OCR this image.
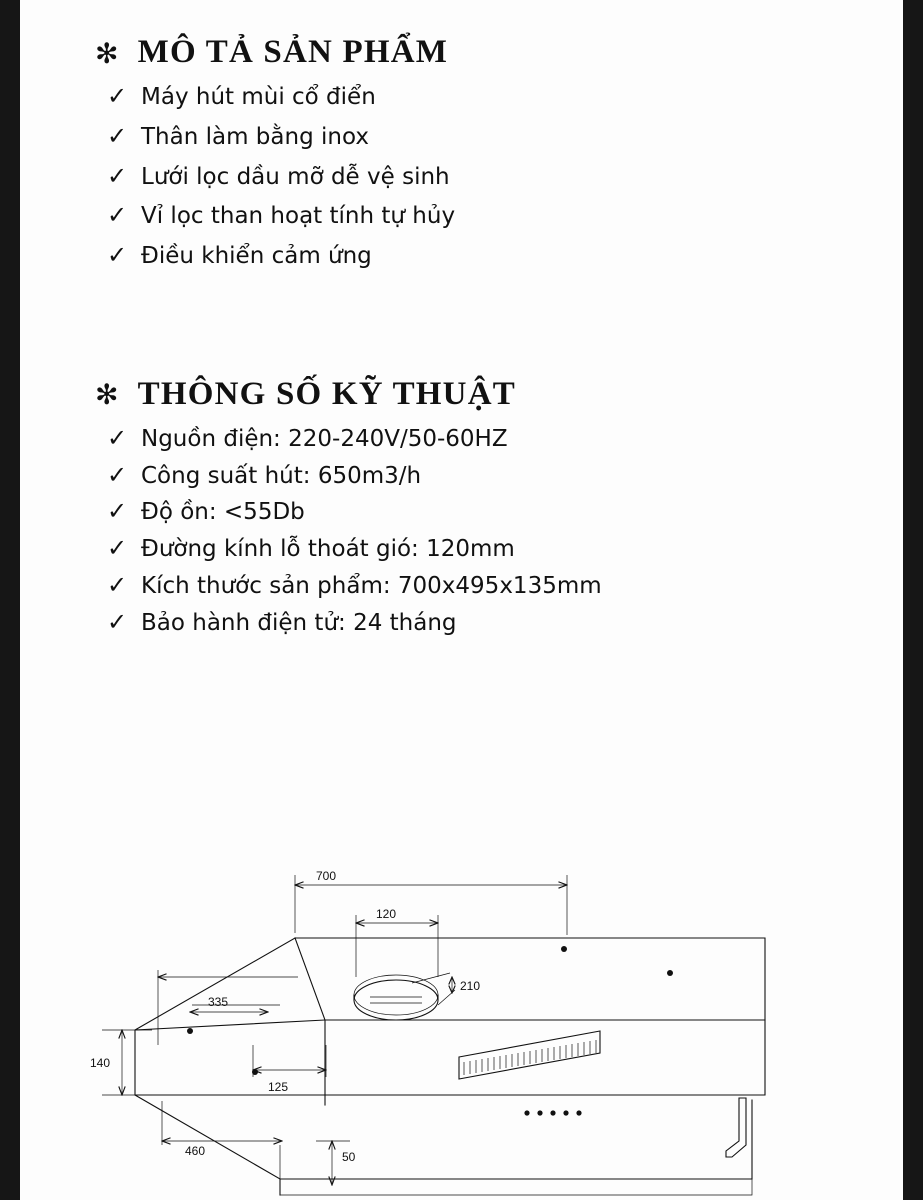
✻ MÔ TẢ SẢN PHẨM
✓ Máy hút mùi cổ điển
✓ Thân làm bằng inox
✓ Lưới lọc dầu mỡ dễ vệ sinh
✓ Vỉ lọc than hoạt tính tự hủy
✓ Điều khiển cảm ứng
✻ THÔNG SỐ KỸ THUẬT
✓ Nguồn điện: 220-240V/50-60HZ
✓ Công suất hút: 650m3/h
✓ Độ ồn: <55Db
✓ Đường kính lỗ thoát gió: 120mm
✓ Kích thước sản phẩm: 700x495x135mm
✓ Bảo hành điện tử: 24 tháng
700
120
210
335
140
125
460	50
